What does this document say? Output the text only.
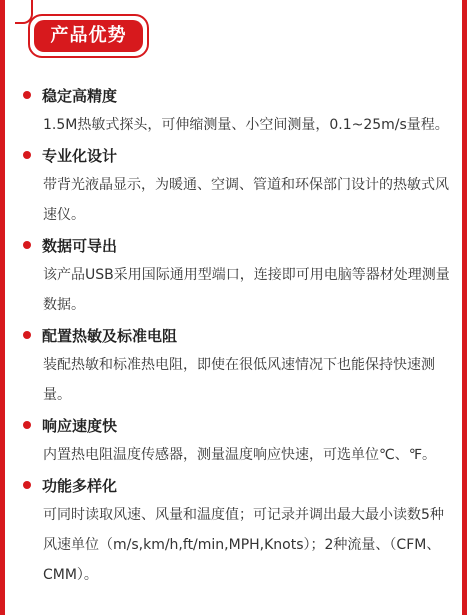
产品优势
稳定高精度

1.5M热敏式探头，可伸缩测量、小空间测量，0.1~25m/s量程。

专业化设计

带背光液晶显示，为暖通、空调、管道和环保部门设计的热敏式风速仪。

数据可导出

该产品USB采用国际通用型端口，连接即可用电脑等器材处理测量数据。

配置热敏及标准电阻

装配热敏和标准热电阻，即使在很低风速情况下也能保持快速测量。

响应速度快

内置热电阻温度传感器，测量温度响应快速，可选单位℃、℉。

功能多样化

可同时读取风速、风量和温度值；可记录并调出最大最小读数5种风速单位（m/s,km/h,ft/min,MPH,Knots）；2种流量、（CFM、CMM）。
